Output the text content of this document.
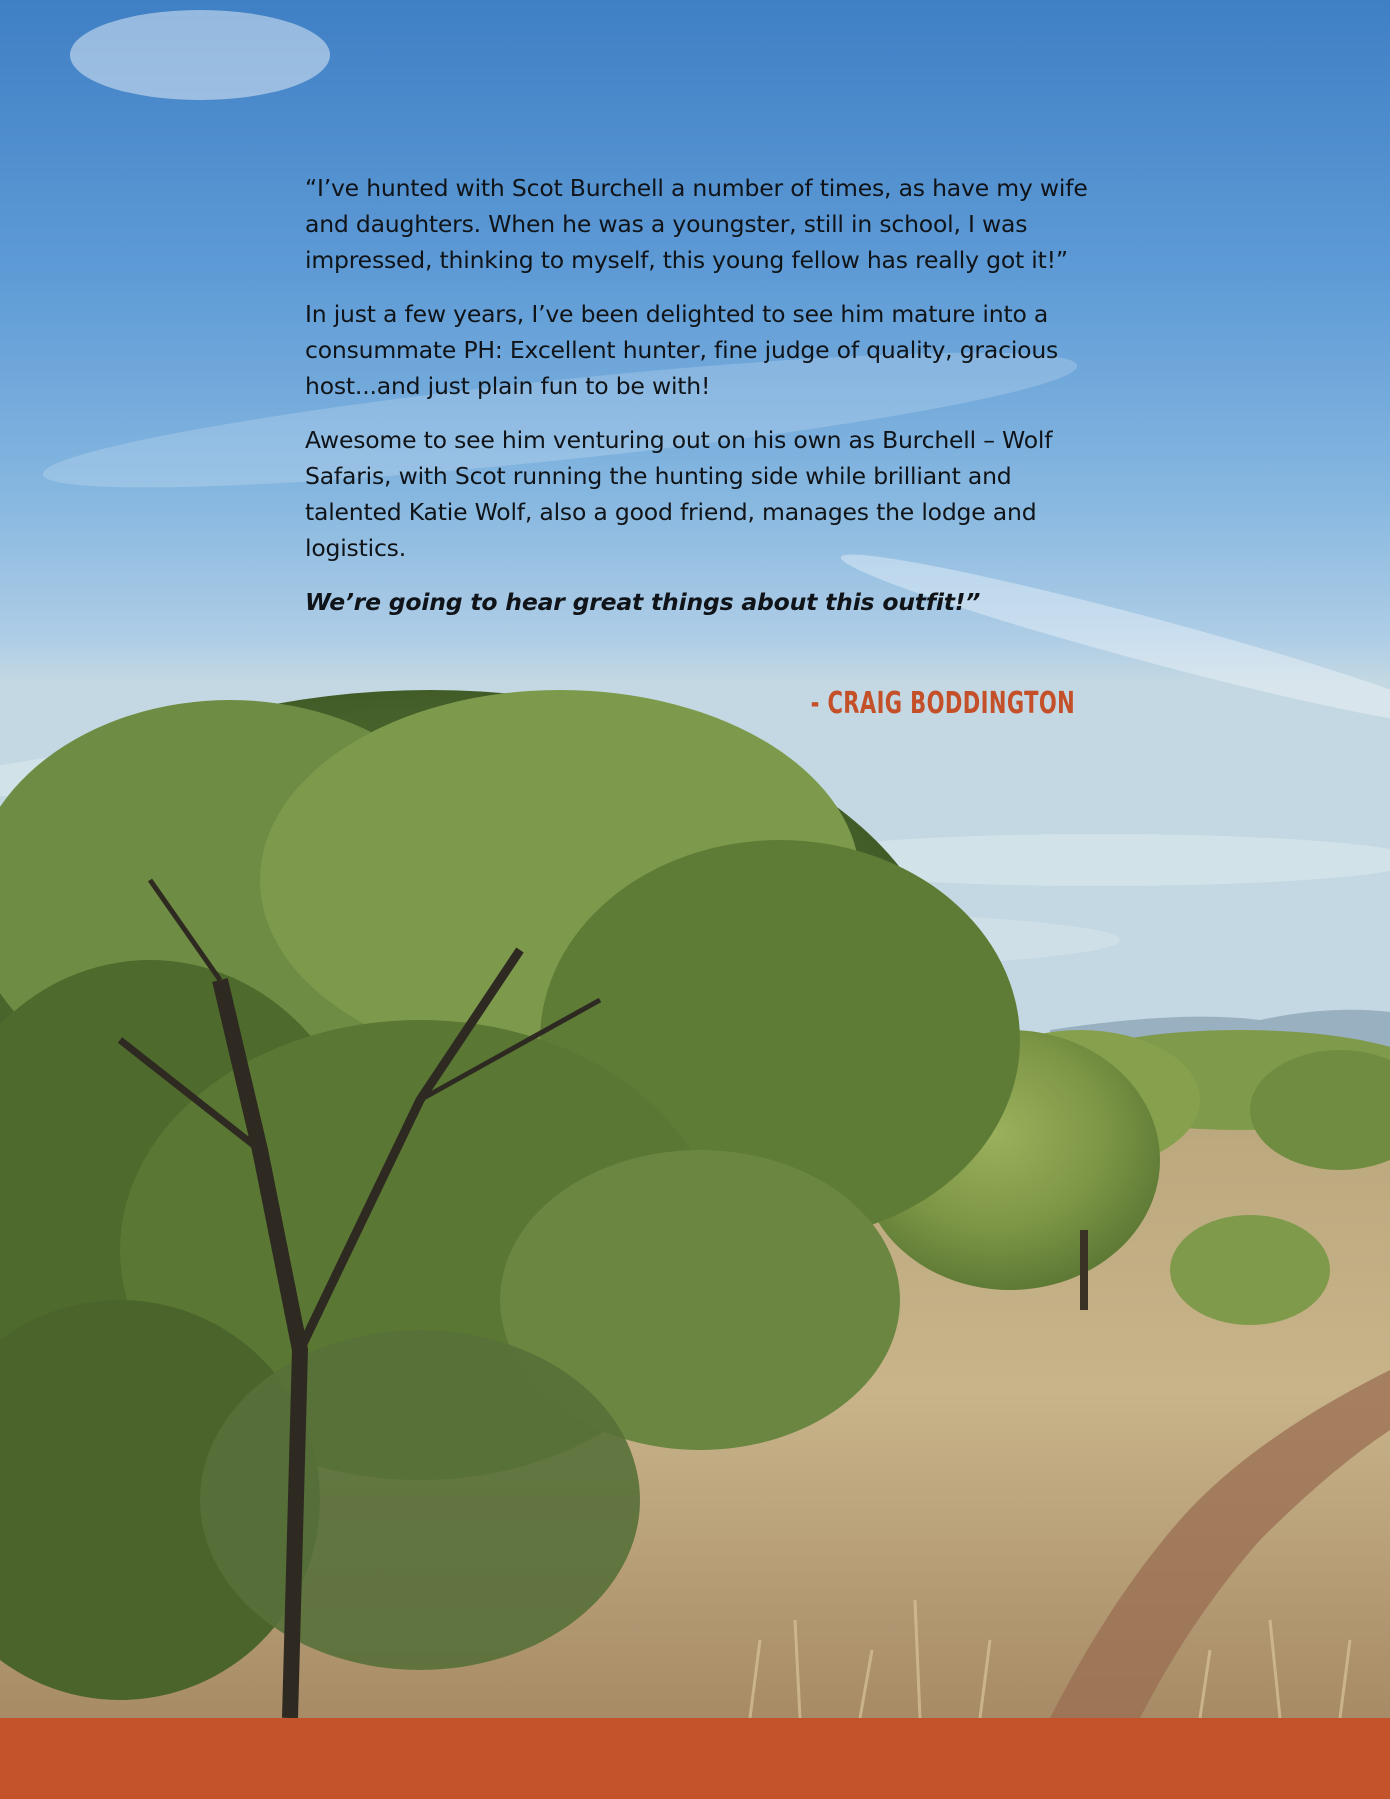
“I’ve hunted with Scot Burchell a number of times, as have my wife and daughters. When he was a youngster, still in school, I was impressed, thinking to myself, this young fellow has really got it!”

In just a few years, I’ve been delighted to see him mature into a consummate PH: Excellent hunter, fine judge of quality, gracious host...and just plain fun to be with!

Awesome to see him venturing out on his own as Burchell – Wolf Safaris, with Scot running the hunting side while brilliant and talented Katie Wolf, also a good friend, manages the lodge and logistics.

We’re going to hear great things about this outfit!”

- CRAIG BODDINGTON
